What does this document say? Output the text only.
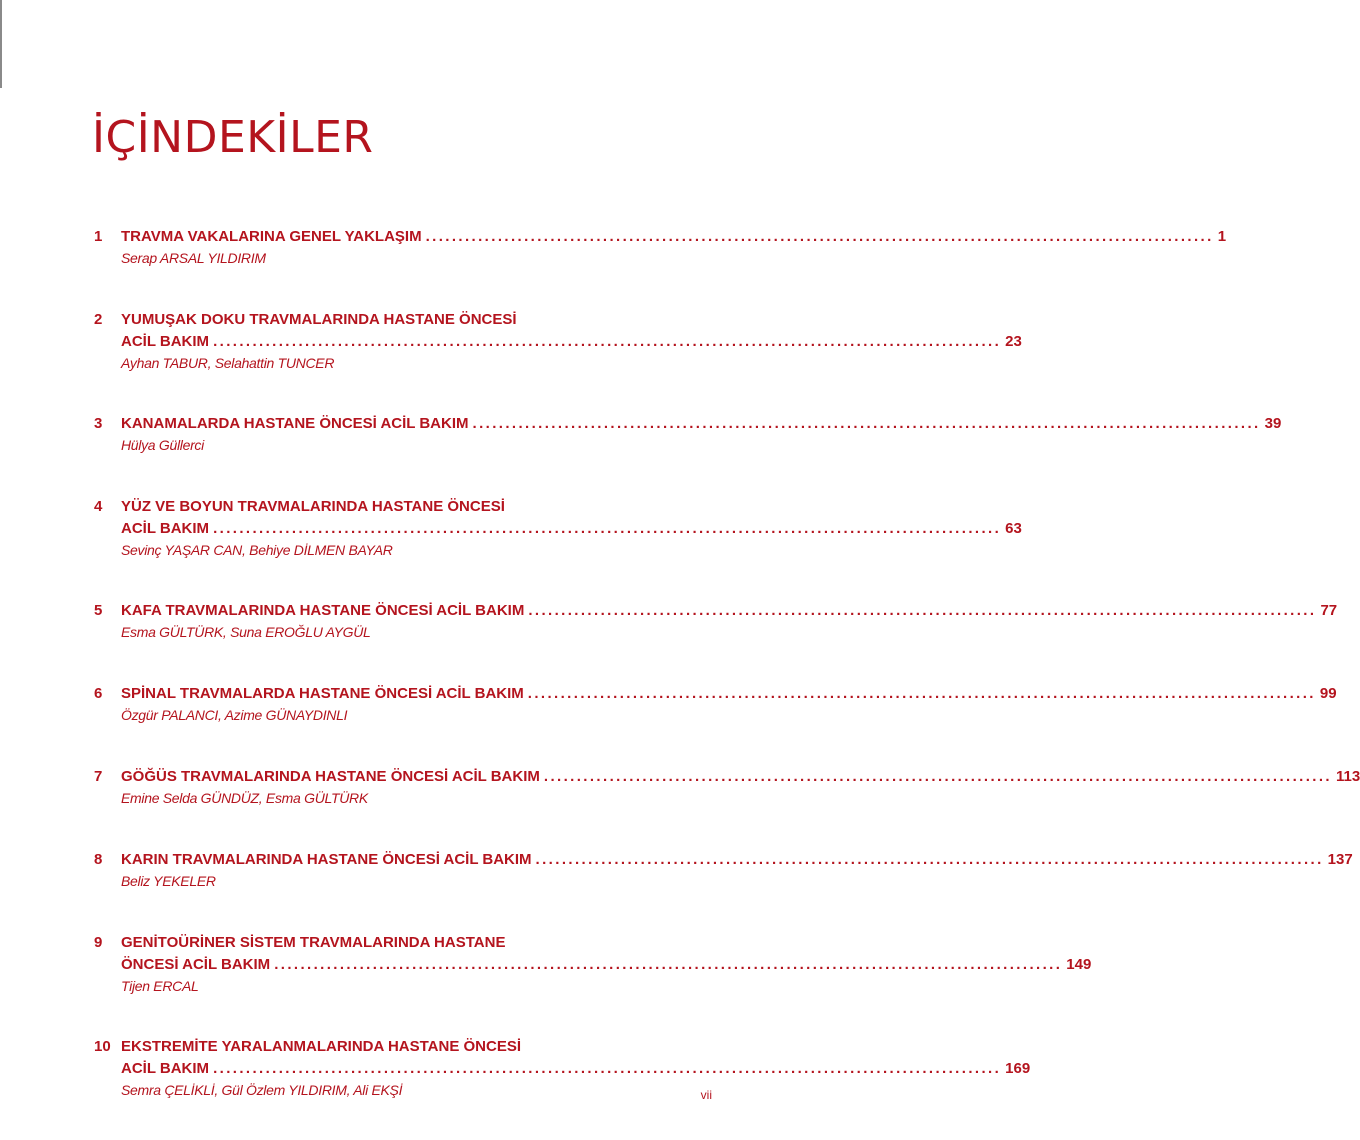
İÇİNDEKİLER
1	TRAVMA VAKALARINA GENEL YAKLAŞIM ........................................................................................................................ 1
Serap ARSAL YILDIRIM
2	YUMUŞAK DOKU TRAVMALARINDA HASTANE ÖNCESİ
ACİL BAKIM ........................................................................................................................ 23
Ayhan TABUR, Selahattin TUNCER
3	KANAMALARDA HASTANE ÖNCESİ ACİL BAKIM ........................................................................................................................ 39
Hülya Güllerci
4	YÜZ VE BOYUN TRAVMALARINDA HASTANE ÖNCESİ
ACİL BAKIM ........................................................................................................................ 63
Sevinç YAŞAR CAN, Behiye DİLMEN BAYAR
5	KAFA TRAVMALARINDA HASTANE ÖNCESİ ACİL BAKIM ........................................................................................................................ 77
Esma GÜLTÜRK, Suna EROĞLU AYGÜL
6	SPİNAL TRAVMALARDA HASTANE ÖNCESİ ACİL BAKIM ........................................................................................................................ 99
Özgür PALANCI, Azime GÜNAYDINLI
7	GÖĞÜS TRAVMALARINDA HASTANE ÖNCESİ ACİL BAKIM ........................................................................................................................ 113
Emine Selda GÜNDÜZ, Esma GÜLTÜRK
8	KARIN TRAVMALARINDA HASTANE ÖNCESİ ACİL BAKIM ........................................................................................................................ 137
Beliz YEKELER
9	GENİTOÜRİNER SİSTEM TRAVMALARINDA HASTANE
ÖNCESİ ACİL BAKIM ........................................................................................................................ 149
Tijen ERCAL
10 EKSTREMİTE YARALANMALARINDA HASTANE ÖNCESİ
ACİL BAKIM ........................................................................................................................ 169
Semra ÇELİKLİ, Gül Özlem YILDIRIM, Ali EKŞİ	vii
